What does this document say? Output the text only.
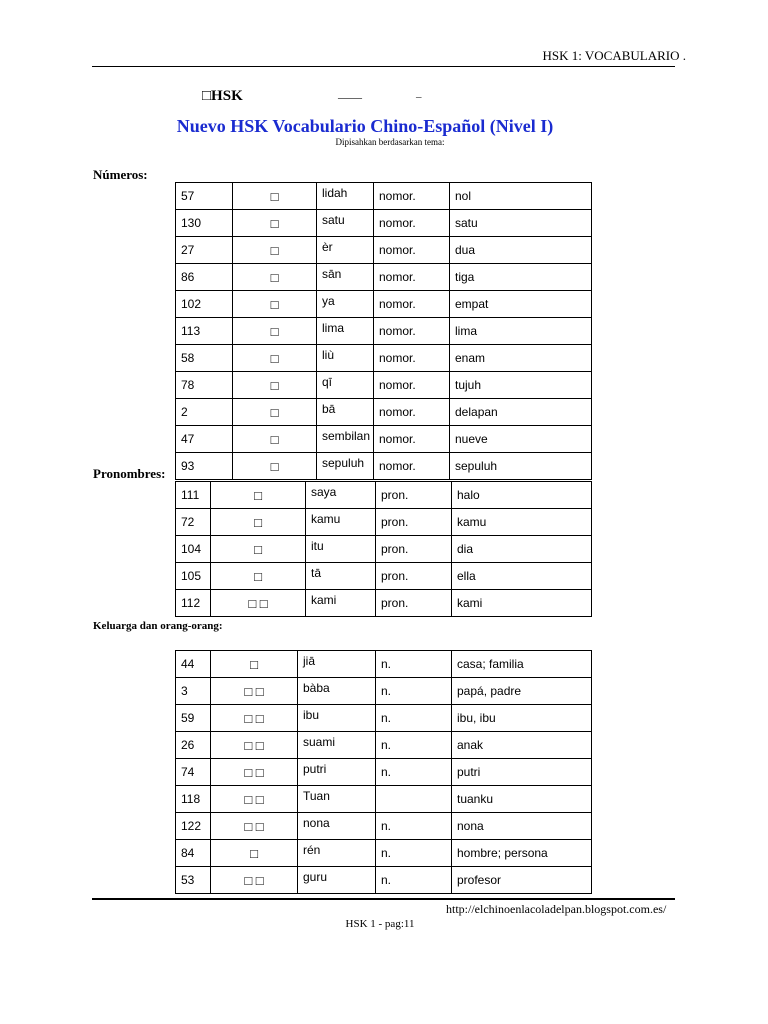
HSK 1: VOCABULARIO .
□HSK	——	–
Nuevo HSK Vocabulario Chino-Español (Nivel I)
Dipisahkan berdasarkan tema:
Números:
57	□	lidah	nomor.	nol
130	□	satu	nomor.	satu
27	□	èr	nomor.	dua
86	□	sān	nomor.	tiga
102	□	ya	nomor.	empat
113	□	lima	nomor.	lima
58	□	liù	nomor.	enam
78	□	qī	nomor.	tujuh
2	□	bā	nomor.	delapan
47	□	sembilan	nomor.	nueve
93	□	sepuluh	nomor.	sepuluh
Pronombres:
111	□	saya	pron.	halo
72	□	kamu	pron.	kamu
104	□	itu	pron.	dia
105	□	tā	pron.	ella
112	□ □	kami	pron.	kami
Keluarga dan orang-orang:
44	□	jiā	n.	casa; familia
3	□ □	bàba	n.	papá, padre
59	□ □	ibu	n.	ibu, ibu
26	□ □	suami	n.	anak
74	□ □	putri	n.	putri
118	□ □	Tuan		tuanku
122	□ □	nona	n.	nona
84	□	rén	n.	hombre; persona
53	□ □	guru	n.	profesor
http://elchinoenlacoladelpan.blogspot.com.es/
HSK 1 - pag:11
